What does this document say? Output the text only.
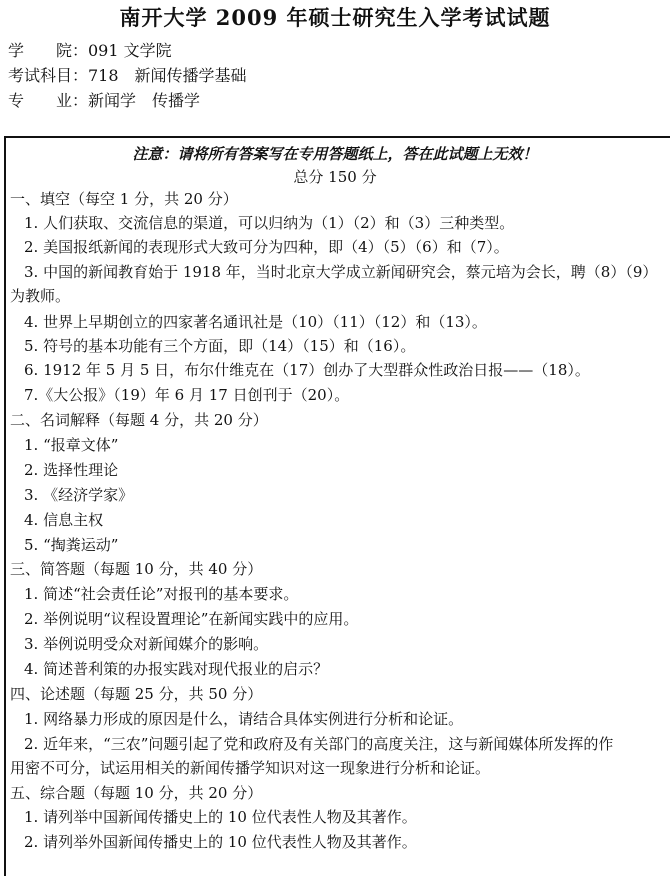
南开大学 2009 年硕士研究生入学考试试题
学　　院：091 文学院
考试科目：718　新闻传播学基础
专　　业：新闻学　传播学
注意：请将所有答案写在专用答题纸上，答在此试题上无效！
总分 150 分
一、填空（每空 1 分，共 20 分）
1. 人们获取、交流信息的渠道，可以归纳为（1）（2）和（3）三种类型。
2. 美国报纸新闻的表现形式大致可分为四种，即（4）（5）（6）和（7）。
3. 中国的新闻教育始于 1918 年，当时北京大学成立新闻研究会，蔡元培为会长，聘（8）（9）
为教师。
4. 世界上早期创立的四家著名通讯社是（10）（11）（12）和（13）。
5. 符号的基本功能有三个方面，即（14）（15）和（16）。
6. 1912 年 5 月 5 日，布尔什维克在（17）创办了大型群众性政治日报——（18）。
7.《大公报》（19）年 6 月 17 日创刊于（20）。
二、名词解释（每题 4 分，共 20 分）
1. “报章文体”
2. 选择性理论
3. 《经济学家》
4. 信息主权
5. “掏粪运动”
三、简答题（每题 10 分，共 40 分）
1. 简述“社会责任论”对报刊的基本要求。
2. 举例说明“议程设置理论”在新闻实践中的应用。
3. 举例说明受众对新闻媒介的影响。
4. 简述普利策的办报实践对现代报业的启示？
四、论述题（每题 25 分，共 50 分）
1. 网络暴力形成的原因是什么，请结合具体实例进行分析和论证。
2. 近年来，“三农”问题引起了党和政府及有关部门的高度关注，这与新闻媒体所发挥的作
用密不可分，试运用相关的新闻传播学知识对这一现象进行分析和论证。
五、综合题（每题 10 分，共 20 分）
1. 请列举中国新闻传播史上的 10 位代表性人物及其著作。
2. 请列举外国新闻传播史上的 10 位代表性人物及其著作。
